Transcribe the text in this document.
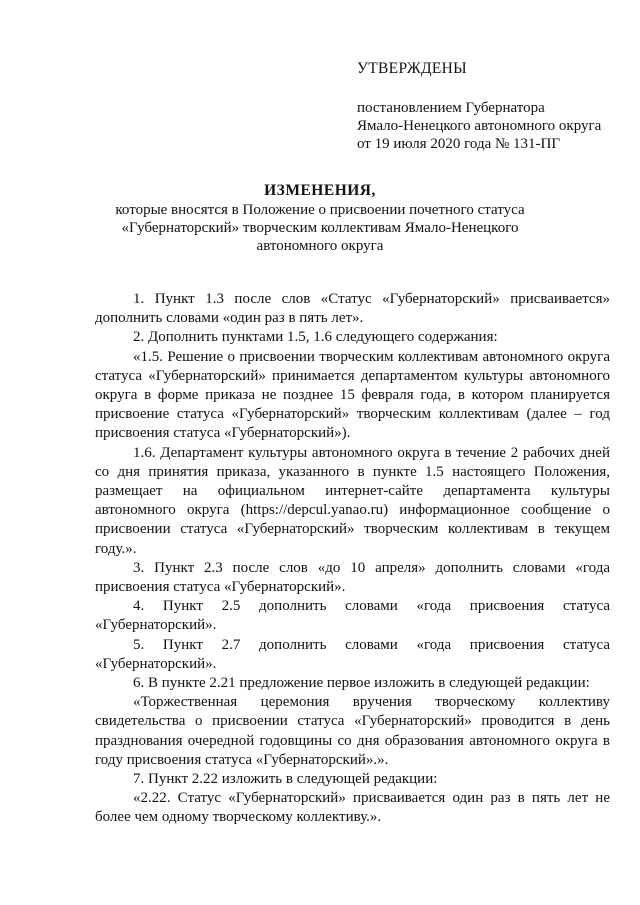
УТВЕРЖДЕНЫ
постановлением Губернатора
Ямало-Ненецкого автономного округа
от 19 июля 2020 года № 131-ПГ
ИЗМЕНЕНИЯ,
которые вносятся в Положение о присвоении почетного статуса
«Губернаторский» творческим коллективам Ямало-Ненецкого
автономного округа

1. Пункт 1.3 после слов «Статус «Губернаторский» присваивается» дополнить словами «один раз в пять лет».

2. Дополнить пунктами 1.5, 1.6 следующего содержания:

«1.5. Решение о присвоении творческим коллективам автономного округа статуса «Губернаторский» принимается департаментом культуры автономного округа в форме приказа не позднее 15 февраля года, в котором планируется присвоение статуса «Губернаторский» творческим коллективам (далее – год присвоения статуса «Губернаторский»).

1.6. Департамент культуры автономного округа в течение 2 рабочих дней со дня принятия приказа, указанного в пункте 1.5 настоящего Положения, размещает на официальном интернет-сайте департамента культуры автономного округа (https://depcul.yanao.ru) информационное сообщение о присвоении статуса «Губернаторский» творческим коллективам в текущем году.».

3. Пункт 2.3 после слов «до 10 апреля» дополнить словами «года присвоения статуса «Губернаторский».

4. Пункт 2.5 дополнить словами «года присвоения статуса «Губернаторский».

5. Пункт 2.7 дополнить словами «года присвоения статуса «Губернаторский».

6. В пункте 2.21 предложение первое изложить в следующей редакции:

«Торжественная церемония вручения творческому коллективу свидетельства о присвоении статуса «Губернаторский» проводится в день празднования очередной годовщины со дня образования автономного округа в году присвоения статуса «Губернаторский».».

7. Пункт 2.22 изложить в следующей редакции:

«2.22. Статус «Губернаторский» присваивается один раз в пять лет не более чем одному творческому коллективу.».
